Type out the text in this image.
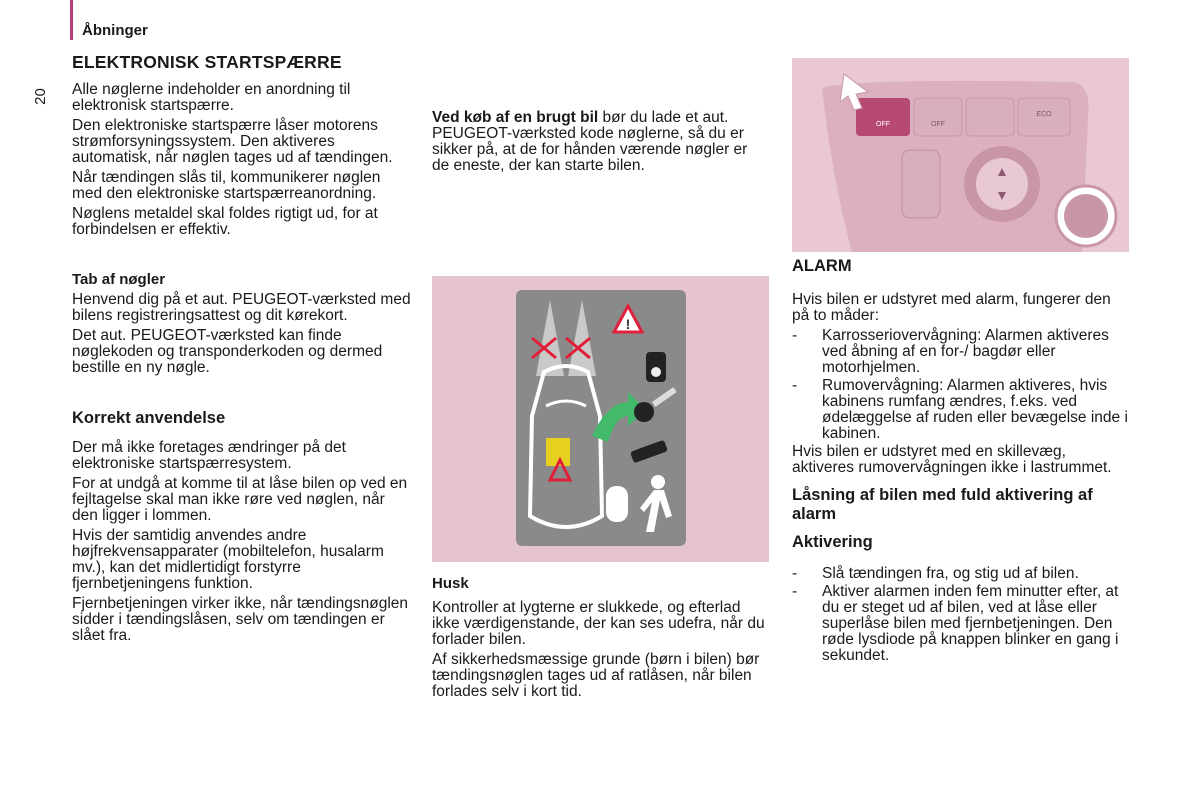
Åbninger
20
ELEKTRONISK STARTSPÆRRE

Alle nøglerne indeholder en anordning til elektronisk startspærre.

Den elektroniske startspærre låser motorens strømforsyningssystem. Den aktiveres automatisk, når nøglen tages ud af tændingen.

Når tændingen slås til, kommunikerer nøglen med den elektroniske startspærreanordning.

Nøglens metaldel skal foldes rigtigt ud, for at forbindelsen er effektiv.

Tab af nøgler

Henvend dig på et aut. PEUGEOT-værksted med bilens registreringsattest og dit kørekort.

Det aut. PEUGEOT-værksted kan finde nøglekoden og transponderkoden og dermed bestille en ny nøgle.

Korrekt anvendelse

Der må ikke foretages ændringer på det elektroniske startspærresystem.

For at undgå at komme til at låse bilen op ved en fejltagelse skal man ikke røre ved nøglen, når den ligger i lommen.

Hvis der samtidig anvendes andre højfrekvensapparater (mobiltelefon, husalarm mv.), kan det midlertidigt forstyrre fjernbetjeningens funktion.

Fjernbetjeningen virker ikke, når tændingsnøglen sidder i tændingslåsen, selv om tændingen er slået fra.

Ved køb af en brugt bil bør du lade et aut. PEUGEOT-værksted kode nøglerne, så du er sikker på, at de for hånden værende nøgler er de eneste, der kan starte bilen.

!
Husk

Kontroller at lygterne er slukkede, og efterlad ikke værdigenstande, der kan ses udefra, når du forlader bilen.

Af sikkerhedsmæssige grunde (børn i bilen) bør tændingsnøglen tages ud af ratlåsen, når bilen forlades selv i kort tid.

OFF	OFF
ECO
ALARM

Hvis bilen er udstyret med alarm, fungerer den på to måder:

- Karrosseriovervågning: Alarmen aktiveres ved åbning af en for-/ bagdør eller motorhjelmen.
- Rumovervågning: Alarmen aktiveres, hvis kabinens rumfang ændres, f.eks. ved ødelæggelse af ruden eller bevægelse inde i kabinen.

Hvis bilen er udstyret med en skillevæg, aktiveres rumovervågningen ikke i lastrummet.

Låsning af bilen med fuld aktivering af alarm
Aktivering
- Slå tændingen fra, og stig ud af bilen.
- Aktiver alarmen inden fem minutter efter, at du er steget ud af bilen, ved at låse eller superlåse bilen med fjernbetjeningen. Den røde lysdiode på knappen blinker en gang i sekundet.
